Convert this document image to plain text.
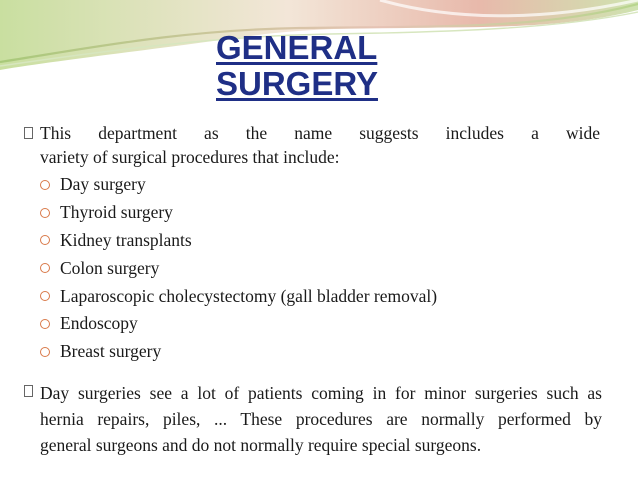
GENERAL
SURGERY
This department as the name suggests includes a wide
variety of surgical procedures that include:
Day surgery
Thyroid surgery
Kidney transplants
Colon surgery
Laparoscopic cholecystectomy (gall bladder removal)
Endoscopy
Breast surgery
Day surgeries see a lot of patients coming in for minor surgeries such as
hernia repairs, piles, ... These procedures are normally performed by
general surgeons and do not normally require special surgeons.
